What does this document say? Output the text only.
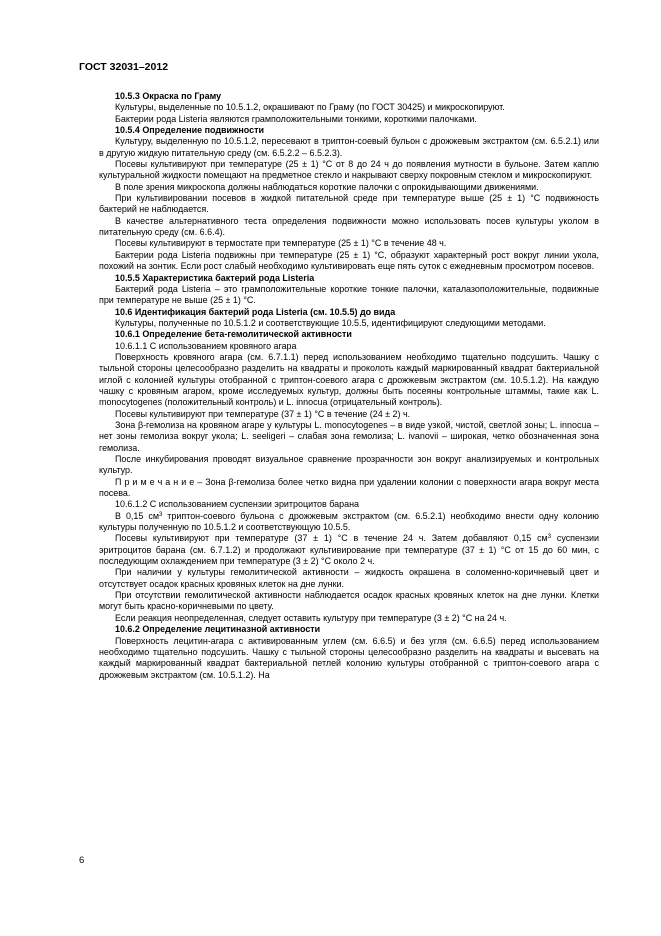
ГОСТ 32031–2012

10.5.3 Окраска по Граму

Культуры, выделенные по 10.5.1.2, окрашивают по Граму (по ГОСТ 30425) и микроскопируют.

Бактерии рода Listeria являются грамположительными тонкими, короткими палочками.

10.5.4 Определение подвижности

Культуру, выделенную по 10.5.1.2, пересевают в триптон-соевый бульон с дрожжевым экстрактом (см. 6.5.2.1) или в другую жидкую питательную среду (см. 6.5.2.2 – 6.5.2.3).

Посевы культивируют при температуре (25 ± 1) °С от 8 до 24 ч до появления мутности в бульоне. Затем каплю культуральной жидкости помещают на предметное стекло и накрывают сверху покровным стеклом и микроскопируют.

В поле зрения микроскопа должны наблюдаться короткие палочки с опрокидывающими движениями.

При культивировании посевов в жидкой питательной среде при температуре выше (25 ± 1) °С подвижность бактерий не наблюдается.

В качестве альтернативного теста определения подвижности можно использовать посев культуры уколом в питательную среду (см. 6.6.4).

Посевы культивируют в термостате при температуре (25 ± 1) °С в течение 48 ч.

Бактерии рода Listeria подвижны при температуре (25 ± 1) °С, образуют характерный рост вокруг линии укола, похожий на зонтик. Если рост слабый необходимо культивировать еще пять суток с ежедневным просмотром посевов.

10.5.5 Характеристика бактерий рода Listeria

Бактерий рода Listeria – это грамположительные короткие тонкие палочки, каталазоположительные, подвижные при температуре не выше (25 ± 1) °С.

10.6 Идентификация бактерий рода Listeria (см. 10.5.5) до вида

Культуры, полученные по 10.5.1.2 и соответствующие 10.5.5, идентифицируют следующими методами.

10.6.1 Определение бета-гемолитической активности

10.6.1.1 С использованием кровяного агара

Поверхность кровяного агара (см. 6.7.1.1) перед использованием необходимо тщательно подсушить. Чашку с тыльной стороны целесообразно разделить на квадраты и проколоть каждый маркированный квадрат бактериальной иглой с колонией культуры отобранной с триптон-соевого агара с дрожжевым экстрактом (см. 10.5.1.2). На каждую чашку с кровяным агаром, кроме исследуемых культур, должны быть посеяны контрольные штаммы, такие как L. monocytogenes (положительный контроль) и L. innocua (отрицательный контроль).

Посевы культивируют при температуре (37 ± 1) °С в течение (24 ± 2) ч.

Зона β-гемолиза на кровяном агаре у культуры L. monocytogenes – в виде узкой, чистой, светлой зоны; L. innocua – нет зоны гемолиза вокруг укола; L. seeligeri – слабая зона гемолиза; L. ivanovii – широкая, четко обозначенная зона гемолиза.

После инкубирования проводят визуальное сравнение прозрачности зон вокруг анализируемых и контрольных культур.

П р и м е ч а н и е – Зона β-гемолиза более четко видна при удалении колонии с поверхности агара вокруг места посева.

10.6.1.2 С использованием суспензии эритроцитов барана

В 0,15 $см^3$ триптон-соевого бульона с дрожжевым экстрактом (см. 6.5.2.1) необходимо внести одну колонию культуры полученную по 10.5.1.2 и соответствующую 10.5.5.

Посевы культивируют при температуре (37 ± 1) °С в течение 24 ч. Затем добавляют 0,15 $см^3$ суспензии эритроцитов барана (см. 6.7.1.2) и продолжают культивирование при температуре (37 ± 1) °С от 15 до 60 мин, с последующим охлаждением при температуре (3 ± 2) °С около 2 ч.

При наличии у культуры гемолитической активности – жидкость окрашена в соломенно-коричневый цвет и отсутствует осадок красных кровяных клеток на дне лунки.

При отсутствии гемолитической активности наблюдается осадок красных кровяных клеток на дне лунки. Клетки могут быть красно-коричневыми по цвету.

Если реакция неопределенная, следует оставить культуру при температуре (3 ± 2) °С на 24 ч.

10.6.2 Определение лецитиназной активности

Поверхность лецитин-агара с активированным углем (см. 6.6.5) и без угля (см. 6.6.5) перед использованием необходимо тщательно подсушить. Чашку с тыльной стороны целесообразно разделить на квадраты и высевать на каждый маркированный квадрат бактериальной петлей колонию культуры отобранной с триптон-соевого агара с дрожжевым экстрактом (см. 10.5.1.2). На

6
